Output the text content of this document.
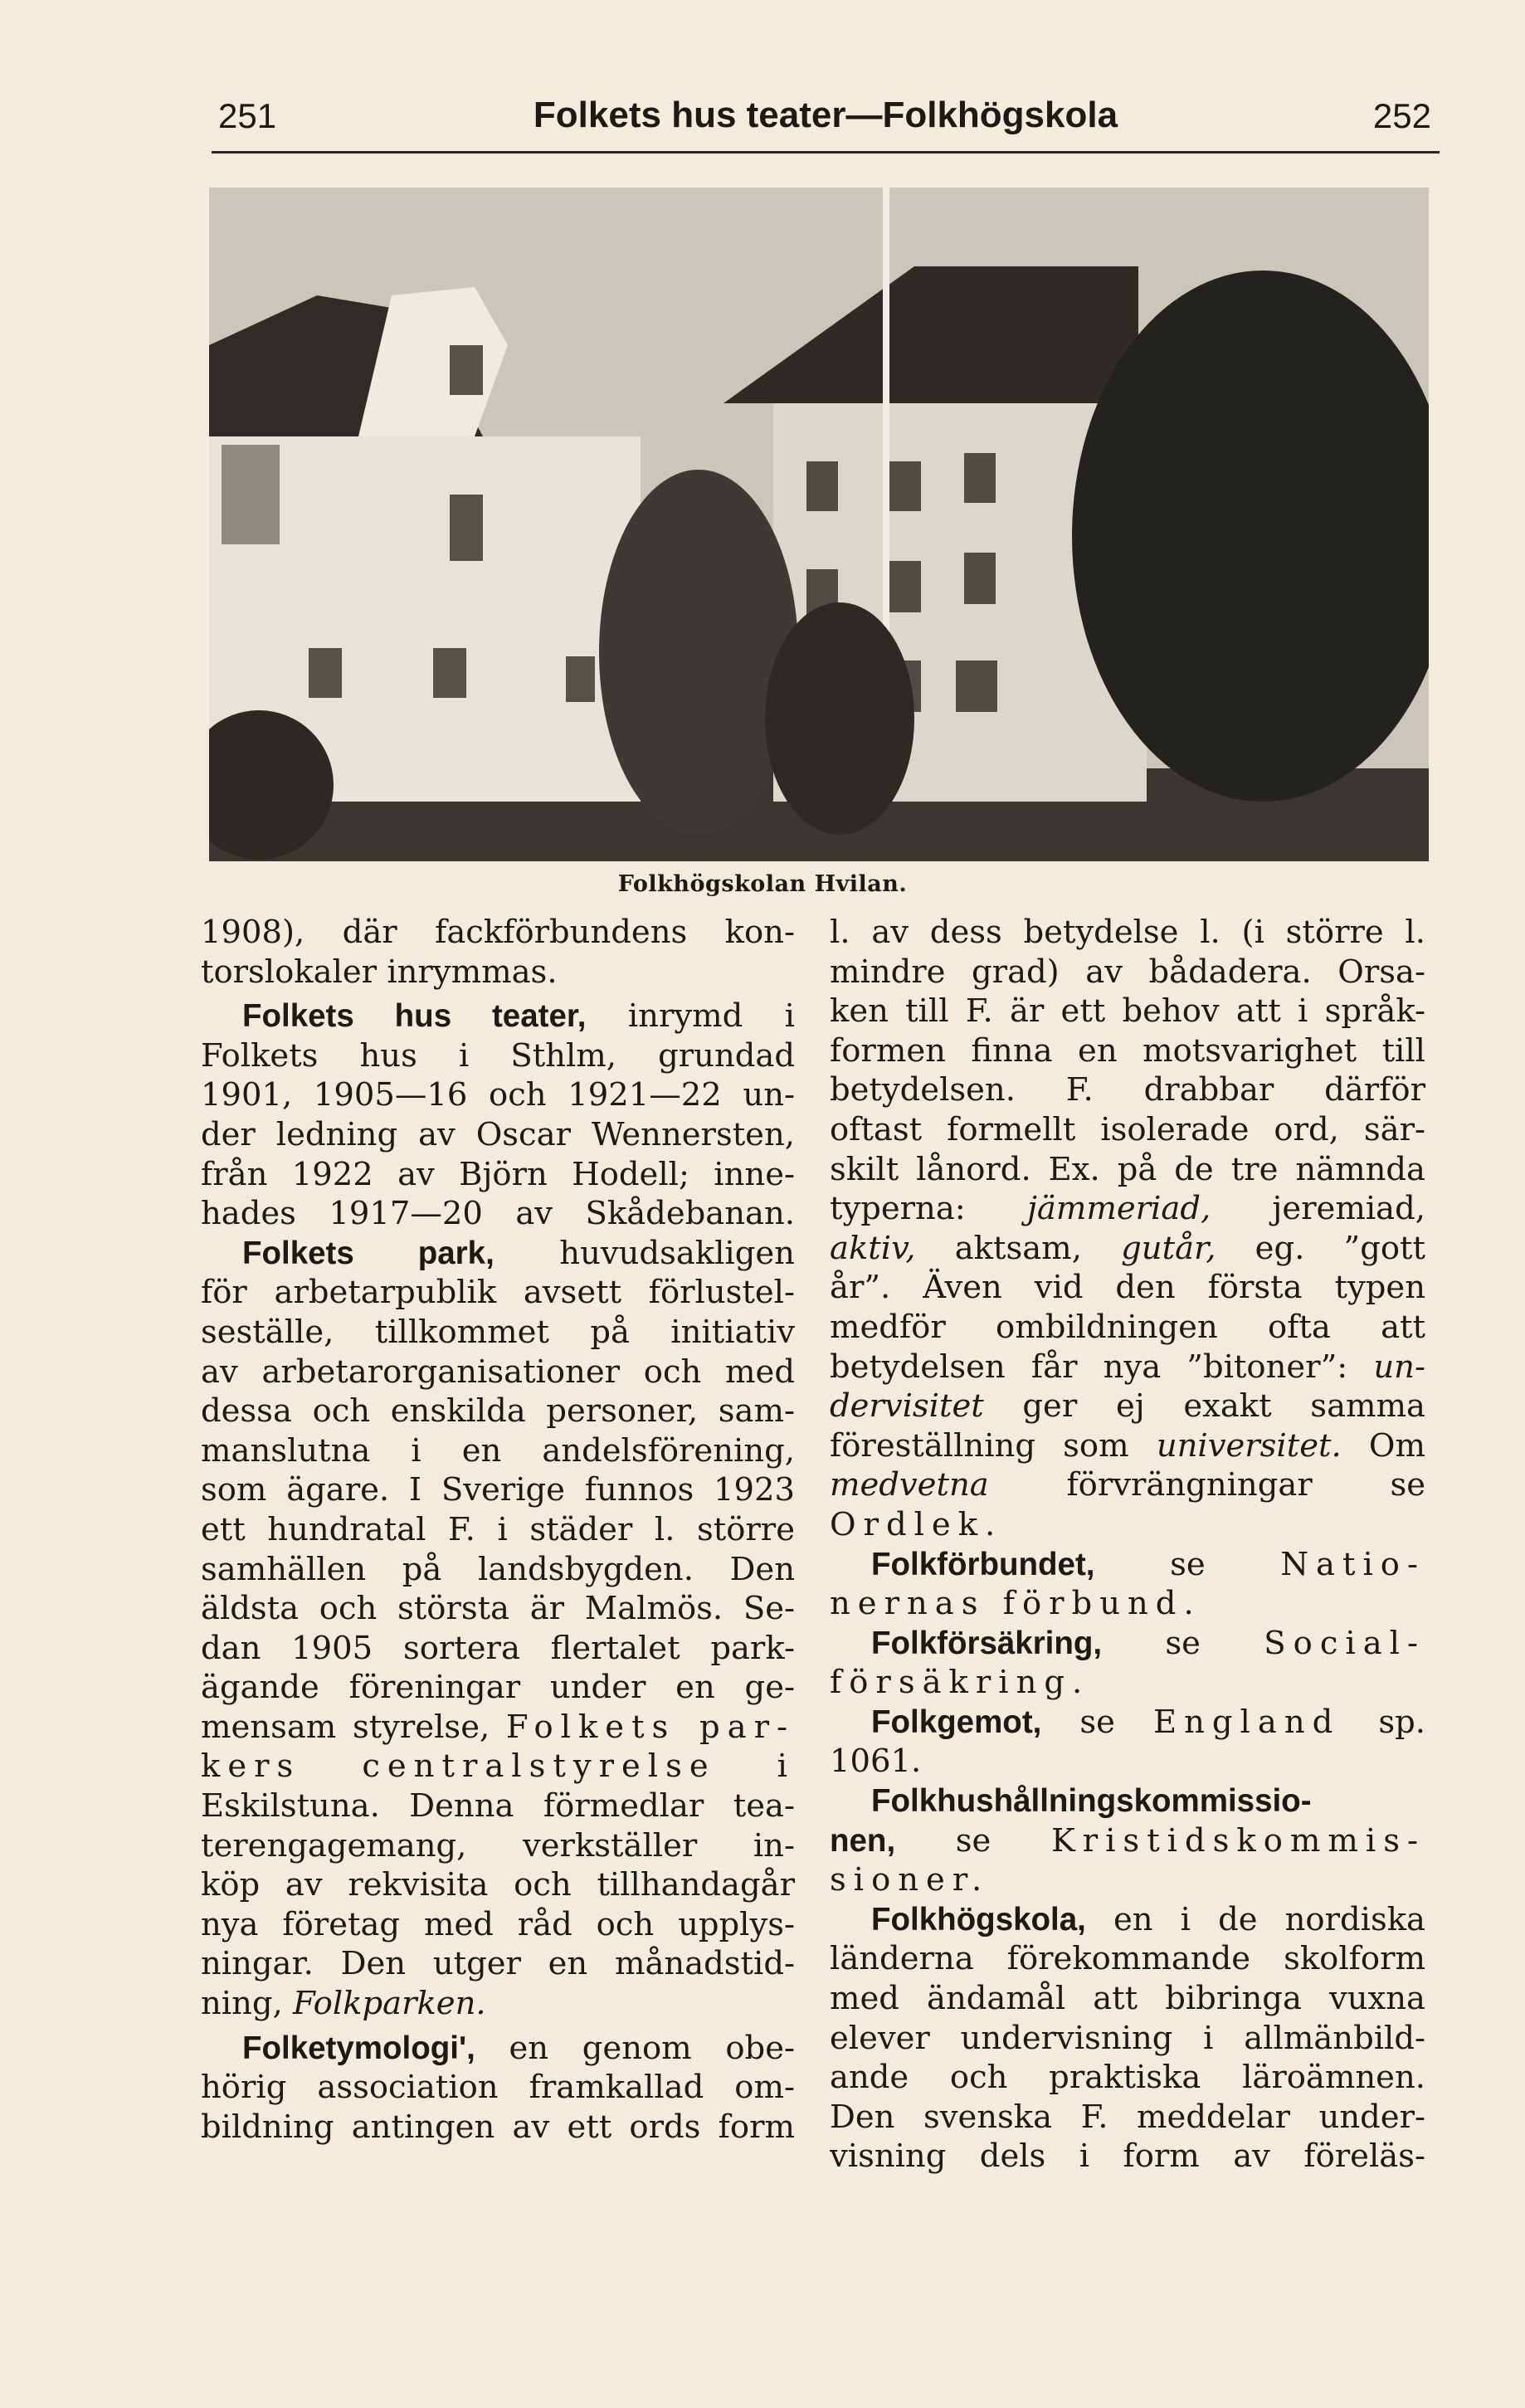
251	Folkets hus teater—Folkhögskola	252
Folkhögskolan Hvilan.
1908), där fackförbundens kon-
torslokaler inrymmas.
Folkets hus teater, inrymd i
Folkets hus i Sthlm, grundad
1901, 1905—16 och 1921—22 un-
der ledning av Oscar Wennersten,
från 1922 av Björn Hodell; inne-
hades 1917—20 av Skådebanan.
Folkets park, huvudsakligen
för arbetarpublik avsett förlustel-
seställe, tillkommet på initiativ
av arbetarorganisationer och med
dessa och enskilda personer, sam-
manslutna i en andelsförening,
som ägare. I Sverige funnos 1923
ett hundratal F. i städer l. större
samhällen på landsbygden. Den
äldsta och största är Malmös. Se-
dan 1905 sortera flertalet park-
ägande föreningar under en ge-
mensam styrelse, Folkets par-
kers centralstyrelse i
Eskilstuna. Denna förmedlar tea-
terengagemang, verkställer in-
köp av rekvisita och tillhandagår
nya företag med råd och upplys-
ningar. Den utger en månadstid-
ning, Folkparken.
Folketymologi', en genom obe-
hörig association framkallad om-
bildning antingen av ett ords form
l. av dess betydelse l. (i större l.
mindre grad) av bådadera. Orsa-
ken till F. är ett behov att i språk-
formen finna en motsvarighet till
betydelsen. F. drabbar därför
oftast formellt isolerade ord, sär-
skilt lånord. Ex. på de tre nämnda
typerna: jämmeriad, jeremiad,
aktiv, aktsam, gutår, eg. ”gott
år”. Även vid den första typen
medför ombildningen ofta att
betydelsen får nya ”bitoner”: un-
dervisitet ger ej exakt samma
föreställning som universitet. Om
medvetna förvrängningar se
Ordlek.
Folkförbundet, se Natio-
nernas förbund.
Folkförsäkring, se Social-
försäkring.
Folkgemot, se England sp.
1061.
Folkhushållningskommissio-
nen, se Kristidskommis-
sioner.
Folkhögskola, en i de nordiska
länderna förekommande skolform
med ändamål att bibringa vuxna
elever undervisning i allmänbild-
ande och praktiska läroämnen.
Den svenska F. meddelar under-
visning dels i form av föreläs-
